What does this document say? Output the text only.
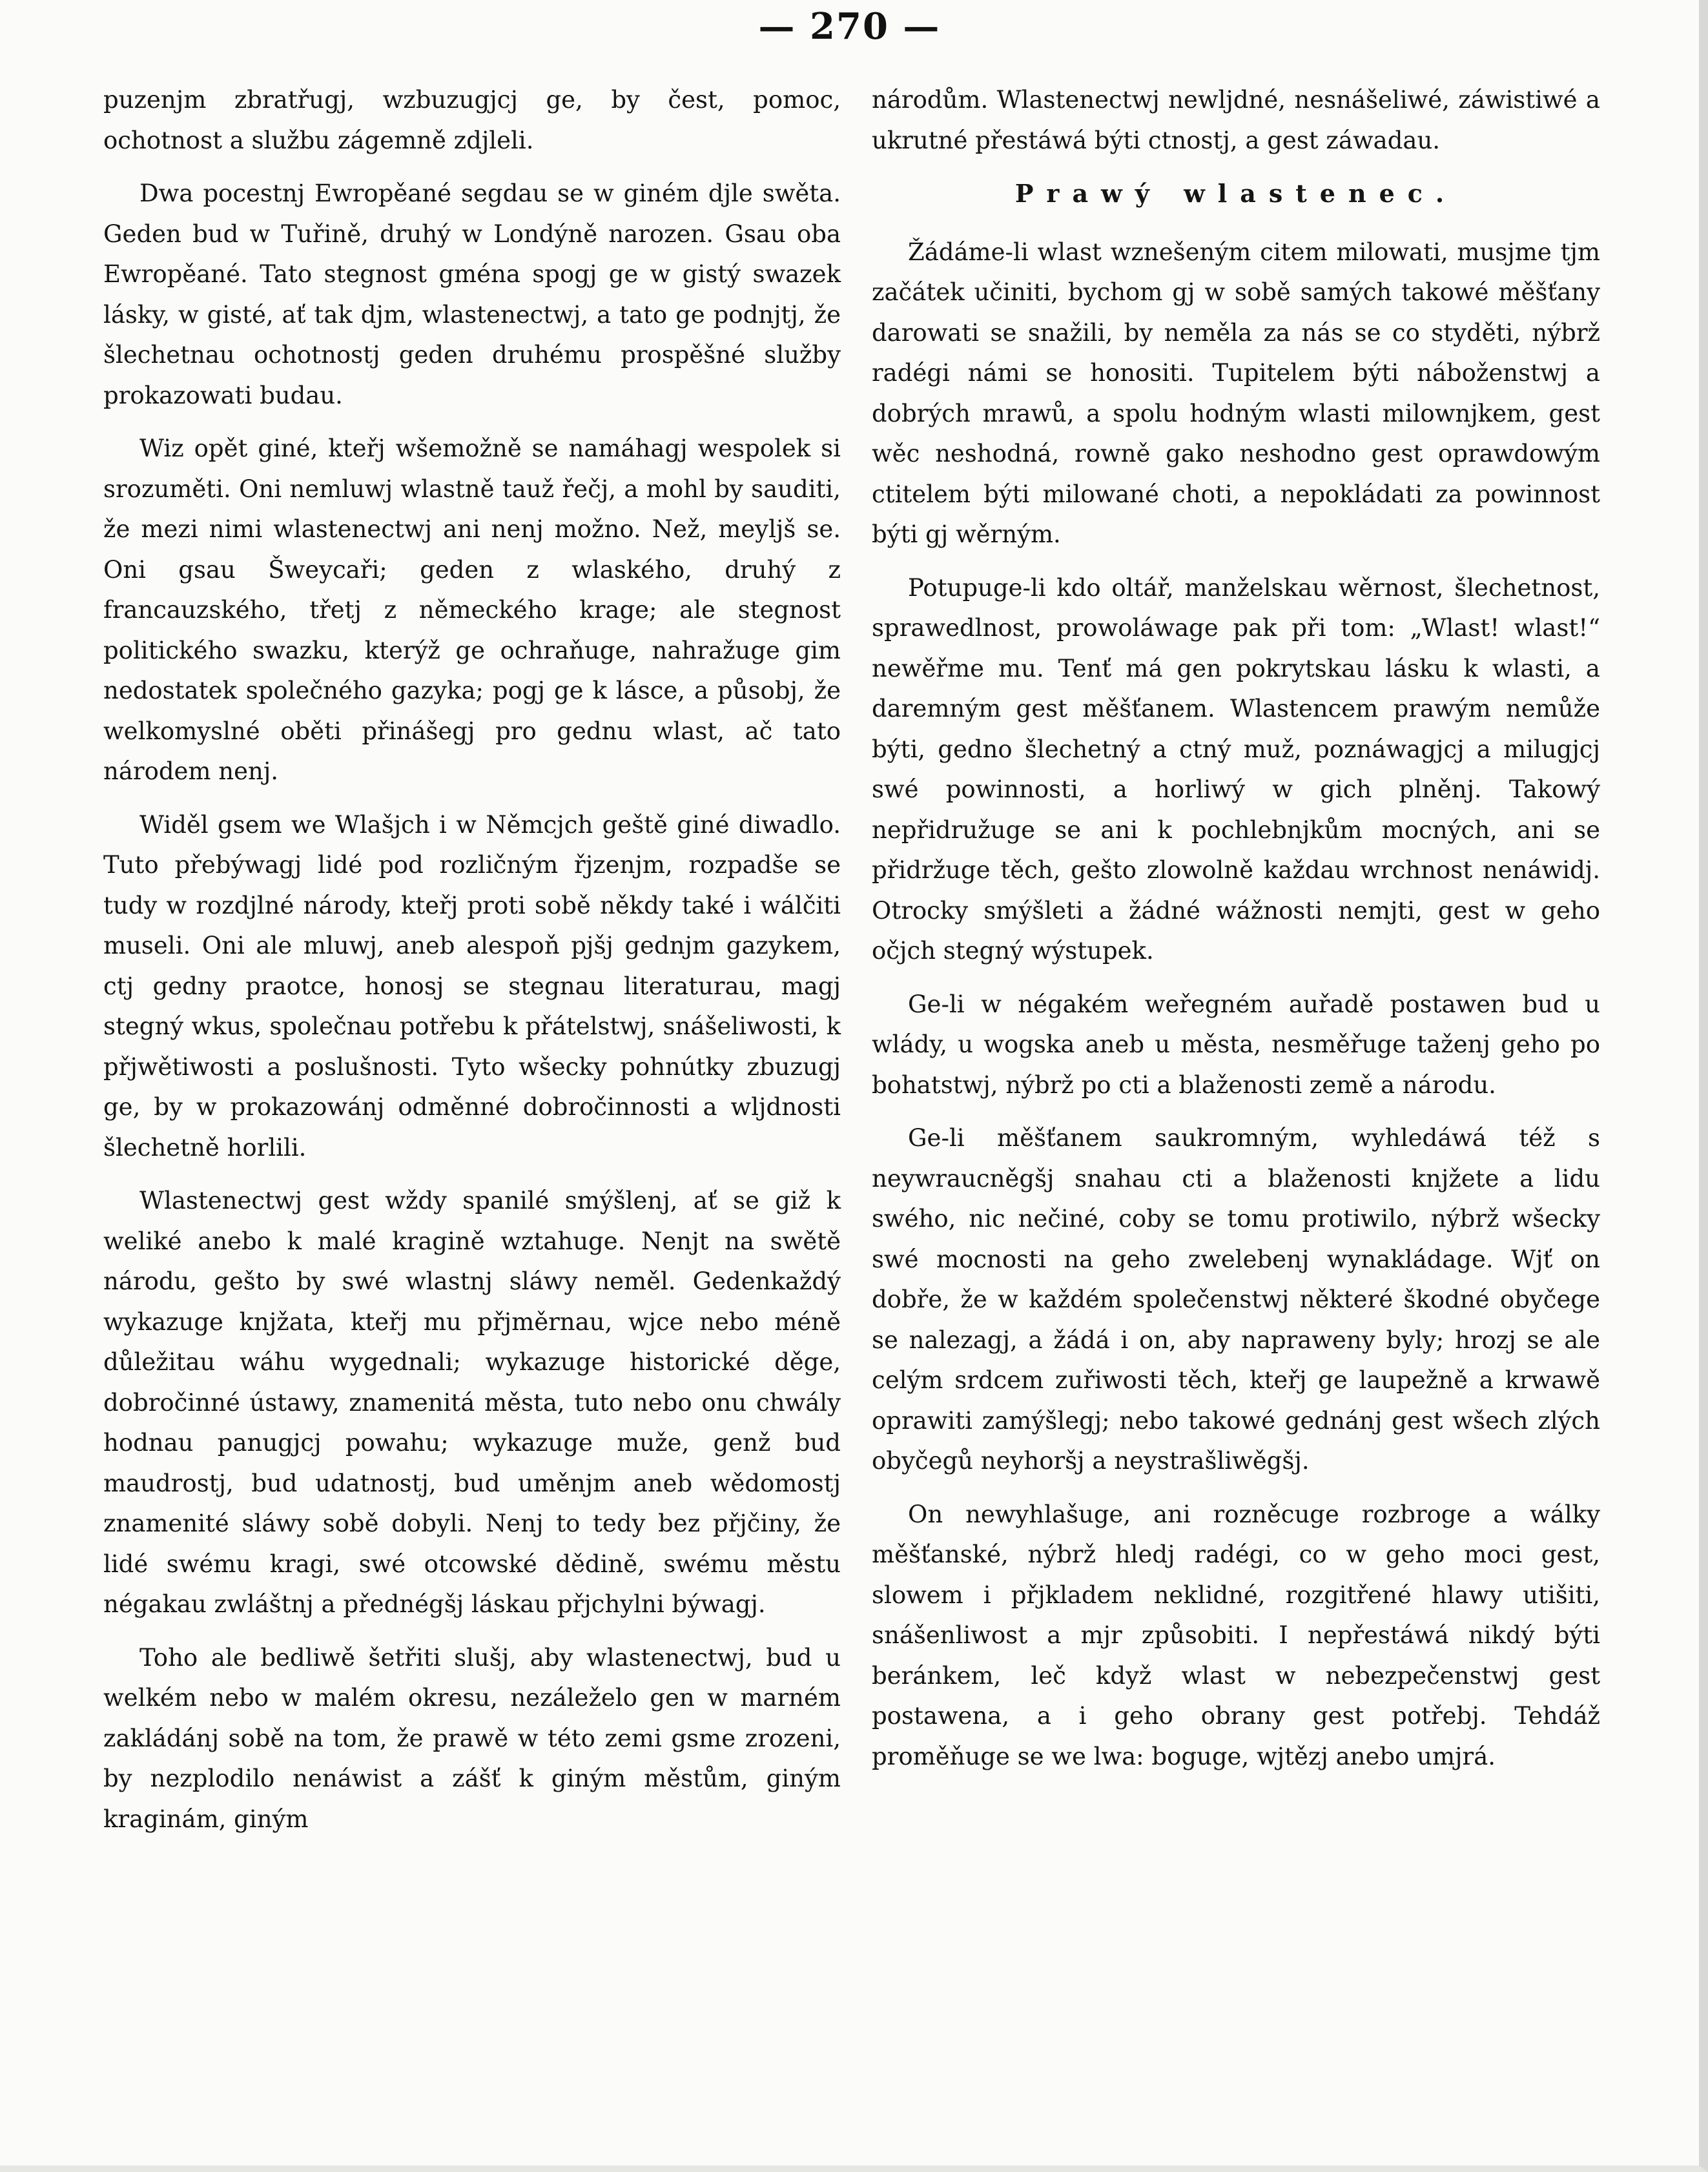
— 270 —

puzenjm zbratřugj, wzbuzugjcj ge, by čest, pomoc, ochotnost a službu zágemně zdjleli.

Dwa pocestnj Ewropěané segdau se w giném djle swěta. Geden bud w Tuřině, druhý w Londýně narozen. Gsau oba Ewropěané. Tato stegnost gména spogj ge w gistý swazek lásky, w gisté, ať tak djm, wlastenectwj, a tato ge podnjtj, že šlechetnau ochotnostj geden druhému prospěšné služby prokazowati budau.

Wiz opět giné, kteřj wšemožně se namáhagj wespolek si srozuměti. Oni nemluwj wlastně tauž řečj, a mohl by sauditi, že mezi nimi wlastenectwj ani nenj možno. Než, meyljš se. Oni gsau Šweycaři; geden z wlaského, druhý z francauzského, třetj z německého krage; ale stegnost politického swazku, kterýž ge ochraňuge, nahražuge gim nedostatek společného gazyka; pogj ge k lásce, a působj, že welkomyslné oběti přinášegj pro gednu wlast, ač tato národem nenj.

Widěl gsem we Wlašjch i w Němcjch geště giné diwadlo. Tuto přebýwagj lidé pod rozličným řjzenjm, rozpadše se tudy w rozdjlné národy, kteřj proti sobě někdy také i wálčiti museli. Oni ale mluwj, aneb alespoň pjšj gednjm gazykem, ctj gedny praotce, honosj se stegnau literaturau, magj stegný wkus, společnau potřebu k přátelstwj, snášeliwosti, k přjwětiwosti a poslušnosti. Tyto wšecky pohnútky zbuzugj ge, by w prokazowánj odměnné dobročinnosti a wljdnosti šlechetně horlili.

Wlastenectwj gest wždy spanilé smýšlenj, ať se giž k weliké anebo k malé kragině wztahuge. Nenjt na swětě národu, gešto by swé wlastnj sláwy neměl. Gedenkaždý wykazuge knjžata, kteřj mu přjměrnau, wjce nebo méně důležitau wáhu wygednali; wykazuge historické děge, dobročinné ústawy, znamenitá města, tuto nebo onu chwály hodnau panugjcj powahu; wykazuge muže, genž bud maudrostj, bud udatnostj, bud uměnjm aneb wědomostj znamenité sláwy sobě dobyli. Nenj to tedy bez přjčiny, že lidé swému kragi, swé otcowské dědině, swému městu négakau zwláštnj a přednégšj láskau přjchylni býwagj.

Toho ale bedliwě šetřiti slušj, aby wlastenectwj, bud u welkém nebo w malém okresu, nezáleželo gen w marném zakládánj sobě na tom, že prawě w této zemi gsme zrozeni, by nezplodilo nenáwist a zášť k giným městům, giným kraginám, giným

národům. Wlastenectwj newljdné, nesnášeliwé, záwistiwé a ukrutné přestáwá býti ctnostj, a gest záwadau.

Prawý wlastenec.

Žádáme-li wlast wznešeným citem milowati, musjme tjm začátek učiniti, bychom gj w sobě samých takowé měšťany darowati se snažili, by neměla za nás se co styděti, nýbrž radégi námi se honositi. Tupitelem býti náboženstwj a dobrých mrawů, a spolu hodným wlasti milownjkem, gest wěc neshodná, rowně gako neshodno gest oprawdowým ctitelem býti milowané choti, a nepokládati za powinnost býti gj wěrným.

Potupuge-li kdo oltář, manželskau wěrnost, šlechetnost, sprawedlnost, prowoláwage pak při tom: „Wlast! wlast!“ newěřme mu. Tenť má gen pokrytskau lásku k wlasti, a daremným gest měšťanem. Wlastencem prawým nemůže býti, gedno šlechetný a ctný muž, poznáwagjcj a milugjcj swé powinnosti, a horliwý w gich plněnj. Takowý nepřidružuge se ani k pochlebnjkům mocných, ani se přidržuge těch, gešto zlowolně každau wrchnost nenáwidj. Otrocky smýšleti a žádné wážnosti nemjti, gest w geho očjch stegný wýstupek.

Ge-li w négakém weřegném auřadě postawen bud u wlády, u wogska aneb u města, nesměřuge taženj geho po bohatstwj, nýbrž po cti a blaženosti země a národu.

Ge-li měšťanem saukromným, wyhledáwá též s neywraucněgšj snahau cti a blaženosti knjžete a lidu swého, nic nečiné, coby se tomu protiwilo, nýbrž wšecky swé mocnosti na geho zwelebenj wynakládage. Wjť on dobře, že w každém společenstwj některé škodné obyčege se nalezagj, a žádá i on, aby napraweny byly; hrozj se ale celým srdcem zuřiwosti těch, kteřj ge laupežně a krwawě oprawiti zamýšlegj; nebo takowé gednánj gest wšech zlých obyčegů neyhoršj a neystrašliwěgšj.

On newyhlašuge, ani rozněcuge rozbroge a wálky měšťanské, nýbrž hledj radégi, co w geho moci gest, slowem i přjkladem neklidné, rozgitřené hlawy utišiti, snášenliwost a mjr způsobiti. I nepřestáwá nikdý býti beránkem, leč když wlast w nebezpečenstwj gest postawena, a i geho obrany gest potřebj. Tehdáž proměňuge se we lwa: boguge, wjtězj anebo umjrá.
